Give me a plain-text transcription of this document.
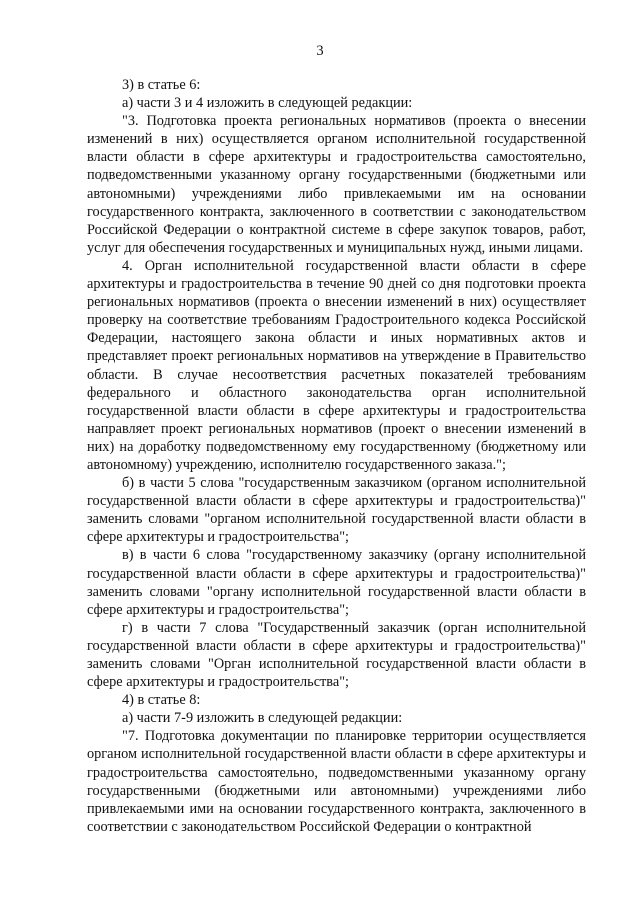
3

3) в статье 6:

а) части 3 и 4 изложить в следующей редакции:

"3. Подготовка проекта региональных нормативов (проекта о внесении изменений в них) осуществляется органом исполнительной государственной власти области в сфере архитектуры и градостроительства самостоятельно, подведомственными указанному органу государственными (бюджетными или автономными) учреждениями либо привлекаемыми им на основании государственного контракта, заключенного в соответствии с законодательством Российской Федерации о контрактной системе в сфере закупок товаров, работ, услуг для обеспечения государственных и муниципальных нужд, иными лицами.

4. Орган исполнительной государственной власти области в сфере архитектуры и градостроительства в течение 90 дней со дня подготовки проекта региональных нормативов (проекта о внесении изменений в них) осуществляет проверку на соответствие требованиям Градостроительного кодекса Российской Федерации, настоящего закона области и иных нормативных актов и представляет проект региональных нормативов на утверждение в Правительство области. В случае несоответствия расчетных показателей требованиям федерального и областного законодательства орган исполнительной государственной власти области в сфере архитектуры и градостроительства направляет проект региональных нормативов (проект о внесении изменений в них) на доработку подведомственному ему государственному (бюджетному или автономному) учреждению, исполнителю государственного заказа.";

б) в части 5 слова "государственным заказчиком (органом исполнительной государственной власти области в сфере архитектуры и градостроительства)" заменить словами "органом исполнительной государственной власти области в сфере архитектуры и градостроительства";

в) в части 6 слова "государственному заказчику (органу исполнительной государственной власти области в сфере архитектуры и градостроительства)" заменить словами "органу исполнительной государственной власти области в сфере архитектуры и градостроительства";

г) в части 7 слова "Государственный заказчик (орган исполнительной государственной власти области в сфере архитектуры и градостроительства)" заменить словами "Орган исполнительной государственной власти области в сфере архитектуры и градостроительства";

4) в статье 8:

а) части 7-9 изложить в следующей редакции:

"7. Подготовка документации по планировке территории осуществляется органом исполнительной государственной власти области в сфере архитектуры и градостроительства самостоятельно, подведомственными указанному органу государственными (бюджетными или автономными) учреждениями либо привлекаемыми ими на основании государственного контракта, заключенного в соответствии с законодательством Российской Федерации о контрактной
